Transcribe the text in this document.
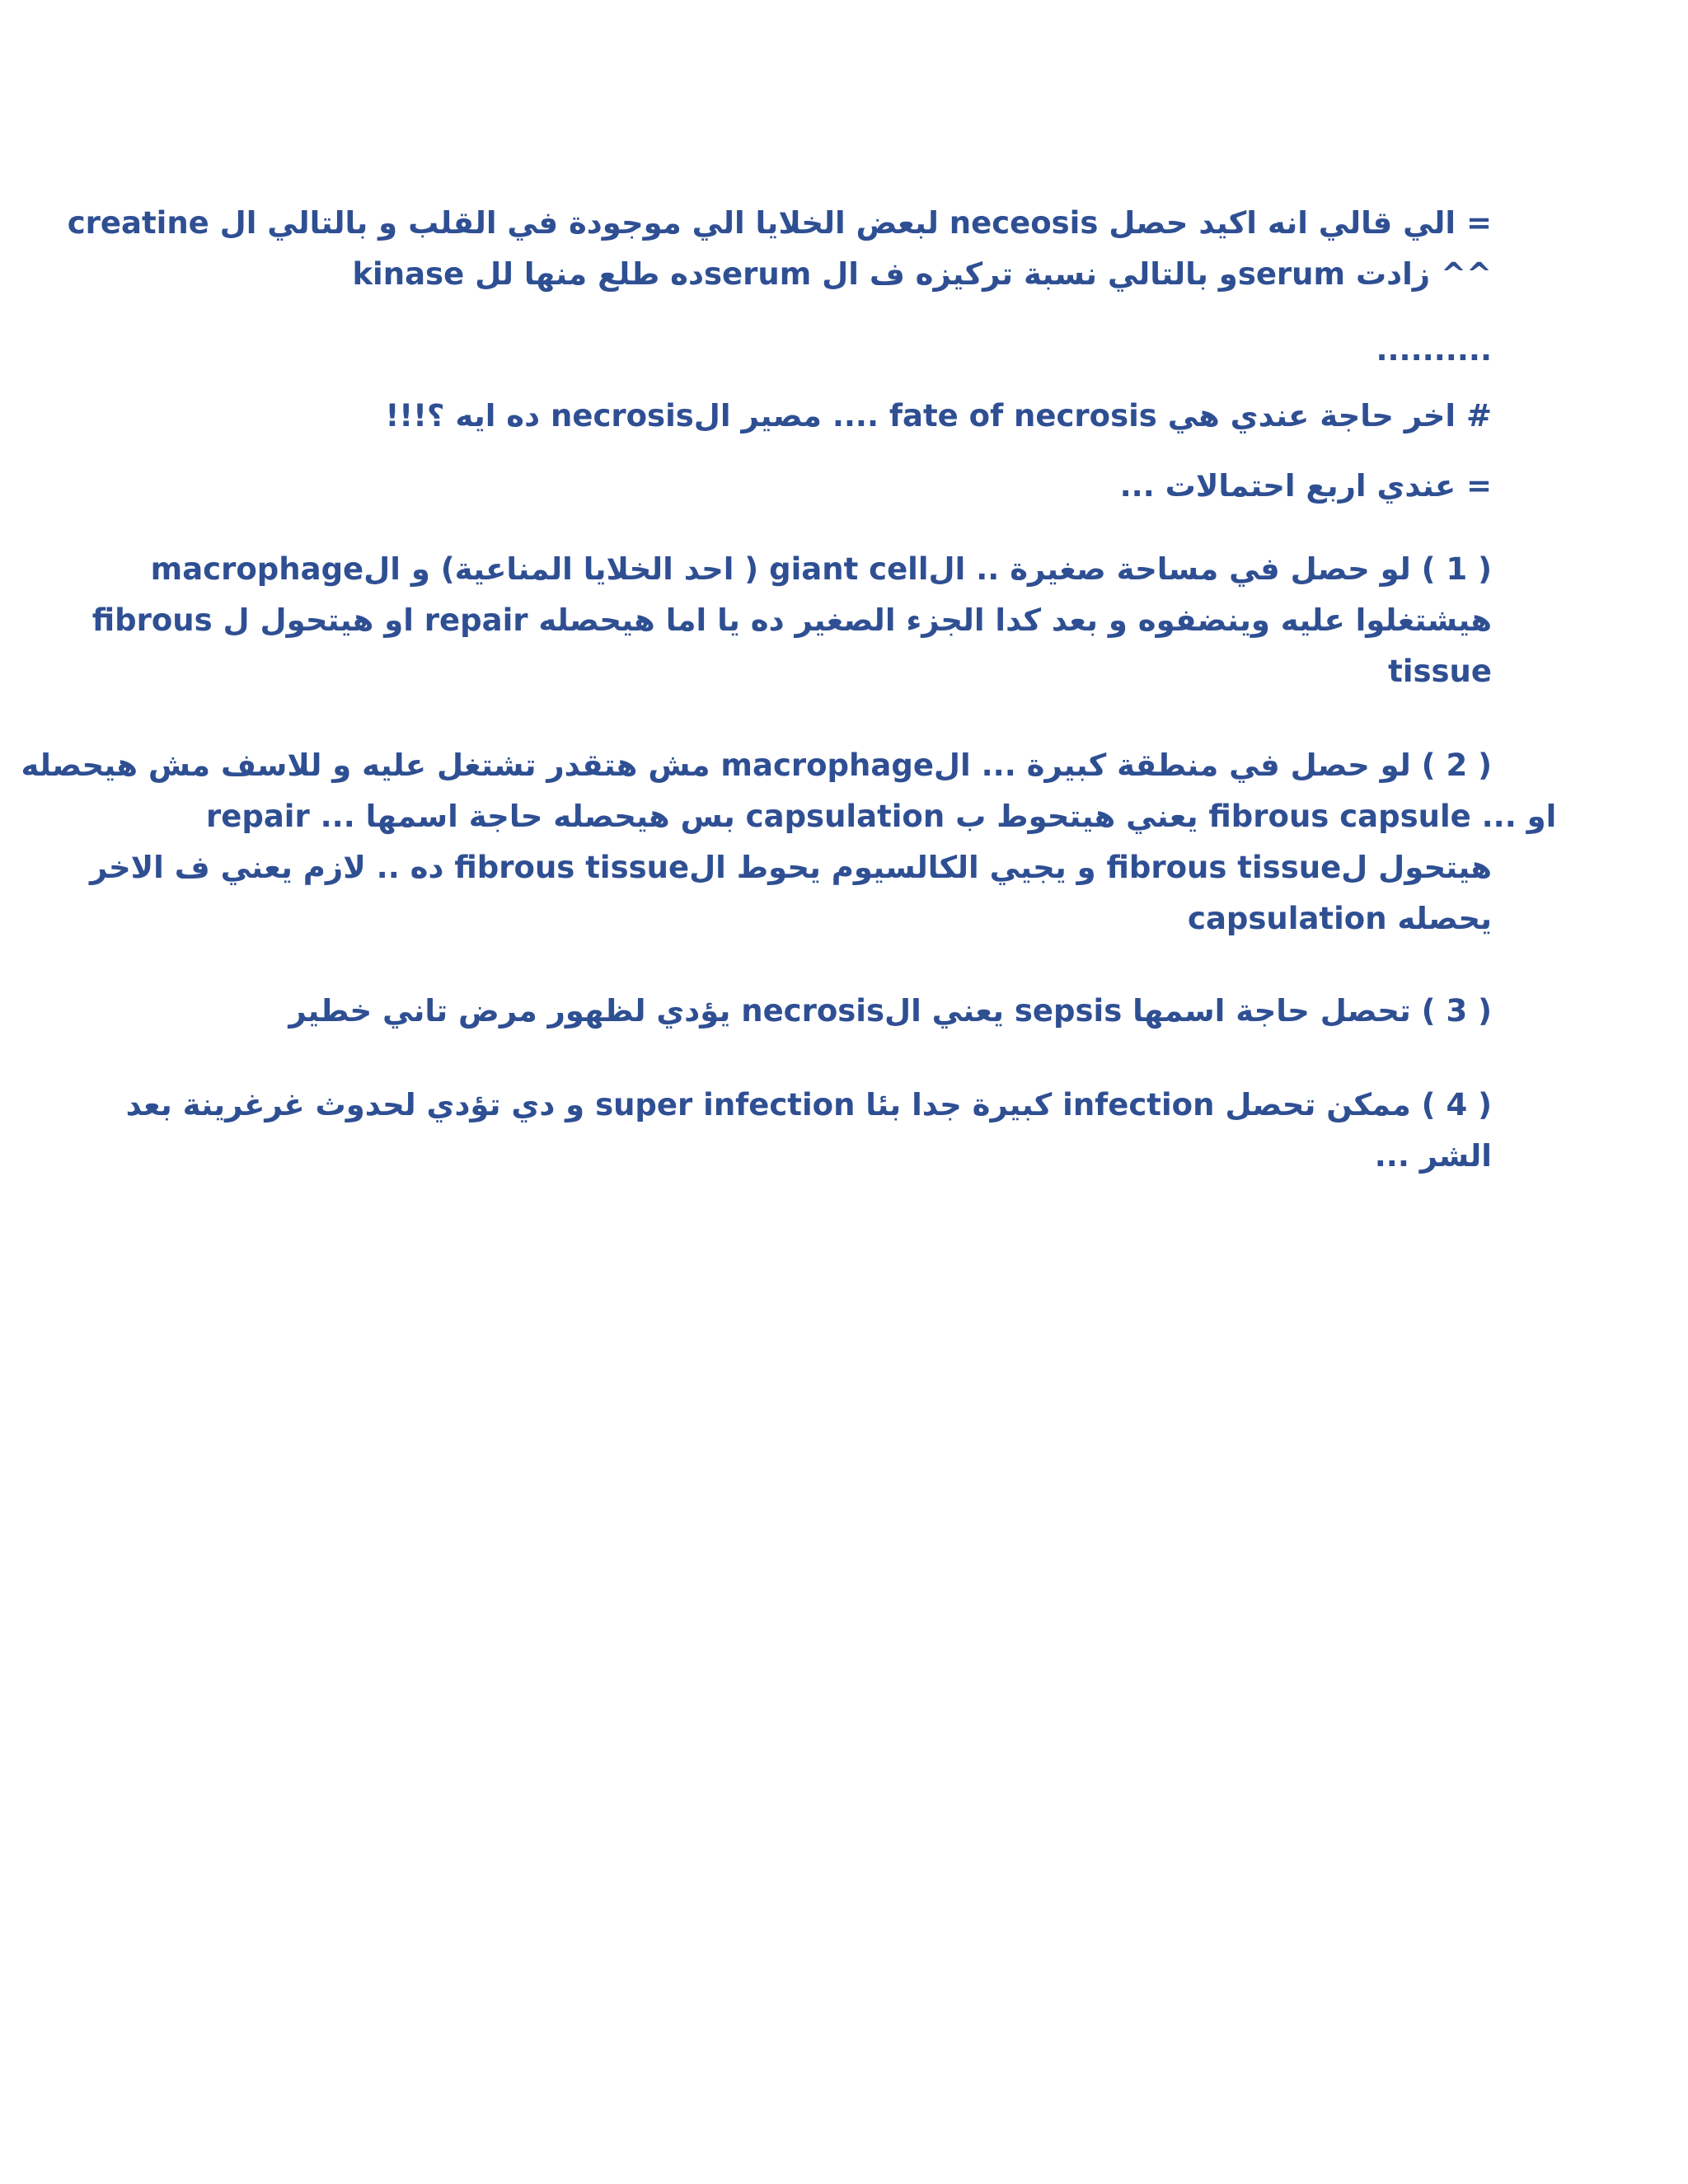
= الي قالي انه اكيد حصل neceosis لبعض الخلايا الي موجودة في القلب و بالتالي ال creatine
kinase ده طلع منها للserum و بالتالي نسبة تركيزه ف الserum زادت ^^
..........
# اخر حاجة عندي هي fate of necrosis .... مصير الnecrosis ده ايه ؟!!!
= عندي اربع احتمالات ...
( 1 ) لو حصل في مساحة صغيرة .. الgiant cell ( احد الخلايا المناعية) و الmacrophage
هيشتغلوا عليه وينضفوه و بعد كدا الجزء الصغير ده يا اما هيحصله repair او هيتحول ل fibrous
tissue
( 2 ) لو حصل في منطقة كبيرة ... الmacrophage مش هتقدر تشتغل عليه و للاسف مش هيحصله
repair ... بس هيحصله حاجة اسمها capsulation يعني هيتحوط ب fibrous capsule ... او
هيتحول لfibrous tissue و يجيي الكالسيوم يحوط الfibrous tissue ده .. لازم يعني ف الاخر
يحصله capsulation
( 3 ) تحصل حاجة اسمها sepsis يعني الnecrosis يؤدي لظهور مرض تاني خطير
( 4 ) ممكن تحصل infection كبيرة جدا بئا super infection و دي تؤدي لحدوث غرغرينة بعد
الشر ...
